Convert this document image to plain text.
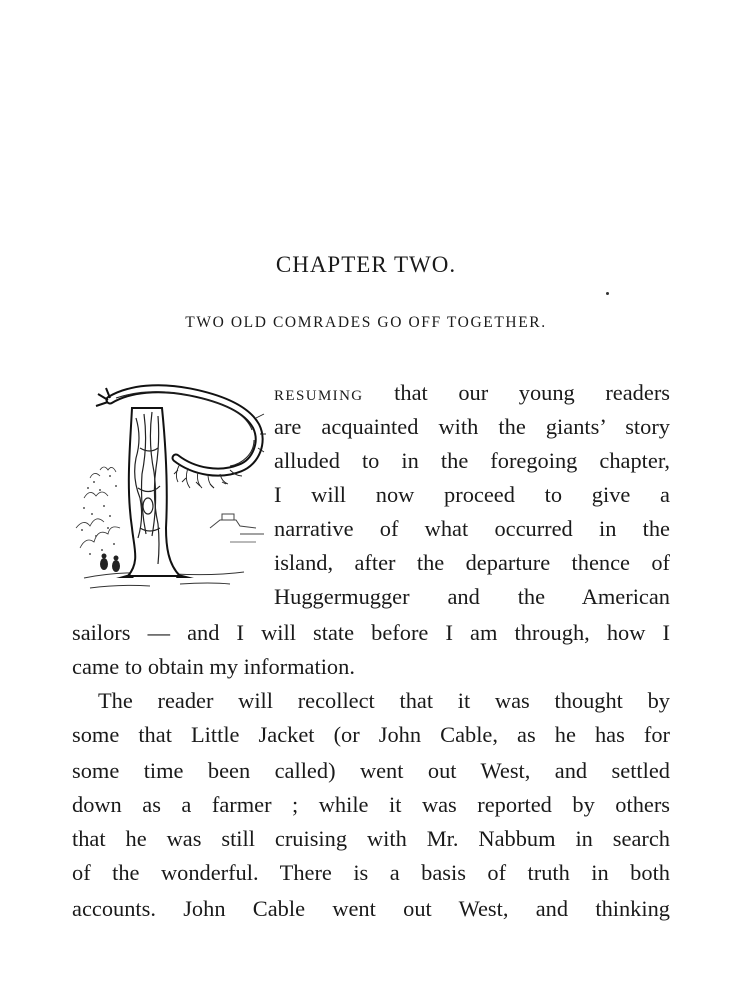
CHAPTER TWO.
TWO OLD COMRADES GO OFF TOGETHER.
RESUMING that our young readers
are acquainted with the giants’ story
alluded to in the foregoing chapter,
I will now proceed to give a
narrative of what occurred in the
island, after the departure thence of
Huggermugger and the American
sailors — and I will state before I am through, how I
came to obtain my information.
The reader will recollect that it was thought by
some that Little Jacket (or John Cable, as he has for
some time been called) went out West, and settled
down as a farmer ; while it was reported by others
that he was still cruising with Mr. Nabbum in search
of the wonderful. There is a basis of truth in both
accounts. John Cable went out West, and thinking
